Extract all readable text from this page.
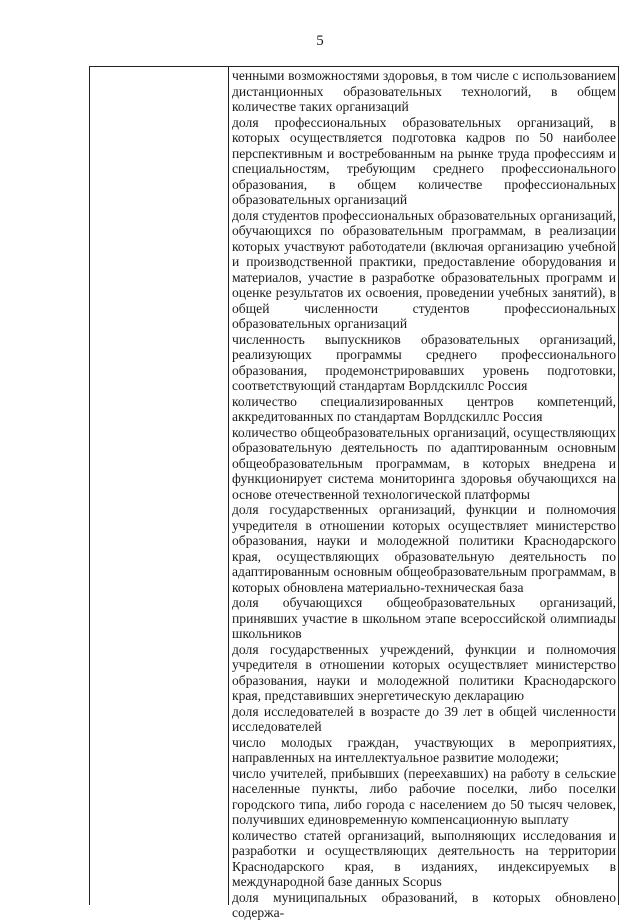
5

ченными возможностями здоровья, в том числе с использованием дистанционных образовательных технологий, в общем количестве таких организаций

доля профессиональных образовательных организаций, в которых осуществляется подготовка кадров по 50 наиболее перспективным и востребованным на рынке труда профессиям и специальностям, требующим среднего профессионального образования, в общем количестве профессиональных образовательных организаций

доля студентов профессиональных образовательных организаций, обучающихся по образовательным программам, в реализации которых участвуют работодатели (включая организацию учебной и производственной практики, предоставление оборудования и материалов, участие в разработке образовательных программ и оценке результатов их освоения, проведении учебных занятий), в общей численности студентов профессиональных образовательных организаций

численность выпускников образовательных организаций, реализующих программы среднего профессионального образования, продемонстрировавших уровень подготовки, соответствующий стандартам Ворлдскиллс Россия

количество специализированных центров компетенций, аккредитованных по стандартам Ворлдскиллс Россия

количество общеобразовательных организаций, осуществляющих образовательную деятельность по адаптированным основным общеобразовательным программам, в которых внедрена и функционирует система мониторинга здоровья обучающихся на основе отечественной технологической платформы

доля государственных организаций, функции и полномочия учредителя в отношении которых осуществляет министерство образования, науки и молодежной политики Краснодарского края, осуществляющих образовательную деятельность по адаптированным основным общеобразовательным программам, в которых обновлена материально-техническая база

доля обучающихся общеобразовательных организаций, принявших участие в школьном этапе всероссийской олимпиады школьников

доля государственных учреждений, функции и полномочия учредителя в отношении которых осуществляет министерство образования, науки и молодежной политики Краснодарского края, представивших энергетическую декларацию

доля исследователей в возрасте до 39 лет в общей численности исследователей

число молодых граждан, участвующих в мероприятиях, направленных на интеллектуальное развитие молодежи;

число учителей, прибывших (переехавших) на работу в сельские населенные пункты, либо рабочие поселки, либо поселки городского типа, либо города с населением до 50 тысяч человек, получивших единовременную компенсационную выплату

количество статей организаций, выполняющих исследования и разработки и осуществляющих деятельность на территории Краснодарского края, в изданиях, индексируемых в международной базе данных Scopus

доля муниципальных образований, в которых обновлено содержа-
